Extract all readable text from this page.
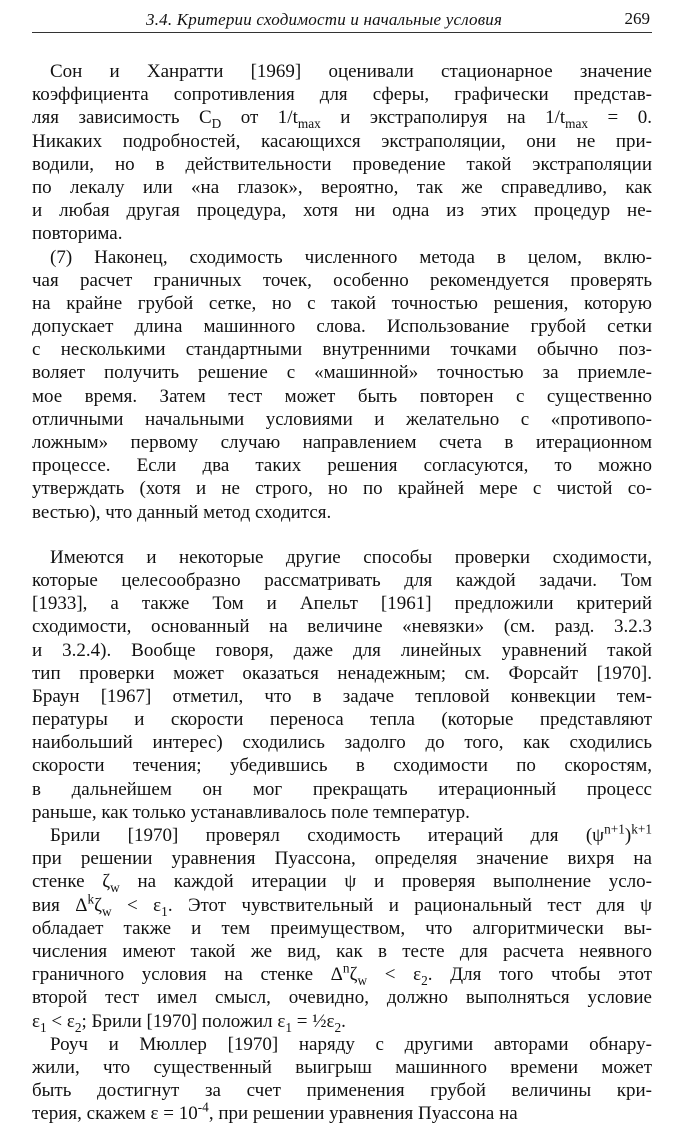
3.4. Критерии сходимости и начальные условия	269
Сон и Ханратти [1969] оценивали стационарное значение
коэффициента сопротивления для сферы, графически представ-
ляя зависимость $C_D$ от $1/t_{max}$ и экстраполируя на $1/t_{max} = 0$.
Никаких подробностей, касающихся экстраполяции, они не при-
водили, но в действительности проведение такой экстраполяции
по лекалу или «на глазок», вероятно, так же справедливо, как
и любая другая процедура, хотя ни одна из этих процедур не-
повторима.
(7) Наконец, сходимость численного метода в целом, вклю-
чая расчет граничных точек, особенно рекомендуется проверять
на крайне грубой сетке, но с такой точностью решения, которую
допускает длина машинного слова. Использование грубой сетки
с несколькими стандартными внутренними точками обычно поз-
воляет получить решение с «машинной» точностью за приемле-
мое время. Затем тест может быть повторен с существенно
отличными начальными условиями и желательно с «противопо-
ложным» первому случаю направлением счета в итерационном
процессе. Если два таких решения согласуются, то можно
утверждать (хотя и не строго, но по крайней мере с чистой со-
вестью), что данный метод сходится.
Имеются и некоторые другие способы проверки сходимости,
которые целесообразно рассматривать для каждой задачи. Том
[1933], а также Том и Апельт [1961] предложили критерий
сходимости, основанный на величине «невязки» (см. разд. 3.2.3
и 3.2.4). Вообще говоря, даже для линейных уравнений такой
тип проверки может оказаться ненадежным; см. Форсайт [1970].
Браун [1967] отметил, что в задаче тепловой конвекции тем-
пературы и скорости переноса тепла (которые представляют
наибольший интерес) сходились задолго до того, как сходились
скорости течения; убедившись в сходимости по скоростям,
в дальнейшем он мог прекращать итерационный процесс
раньше, как только устанавливалось поле температур.
Брили [1970] проверял сходимость итераций для $(\psi^{n+1})^{k+1}$
при решении уравнения Пуассона, определяя значение вихря на
стенке $\zeta_w$ на каждой итерации ψ и проверяя выполнение усло-
вия $\Delta^k\zeta_w < \varepsilon_1$. Этот чувствительный и рациональный тест для ψ
обладает также и тем преимуществом, что алгоритмически вы-
числения имеют такой же вид, как в тесте для расчета неявного
граничного условия на стенке $\Delta^n\zeta_w < \varepsilon_2$. Для того чтобы этот
второй тест имел смысл, очевидно, должно выполняться условие
$\varepsilon_1 < \varepsilon_2$; Брили [1970] положил $\varepsilon_1$ = $\frac{1}{2}\varepsilon_2$.
Роуч и Мюллер [1970] наряду с другими авторами обнару-
жили, что существенный выигрыш машинного времени может
быть достигнут за счет применения грубой величины кри-
терия, скажем $\varepsilon = 10^{-4}$, при решении уравнения Пуассона на
